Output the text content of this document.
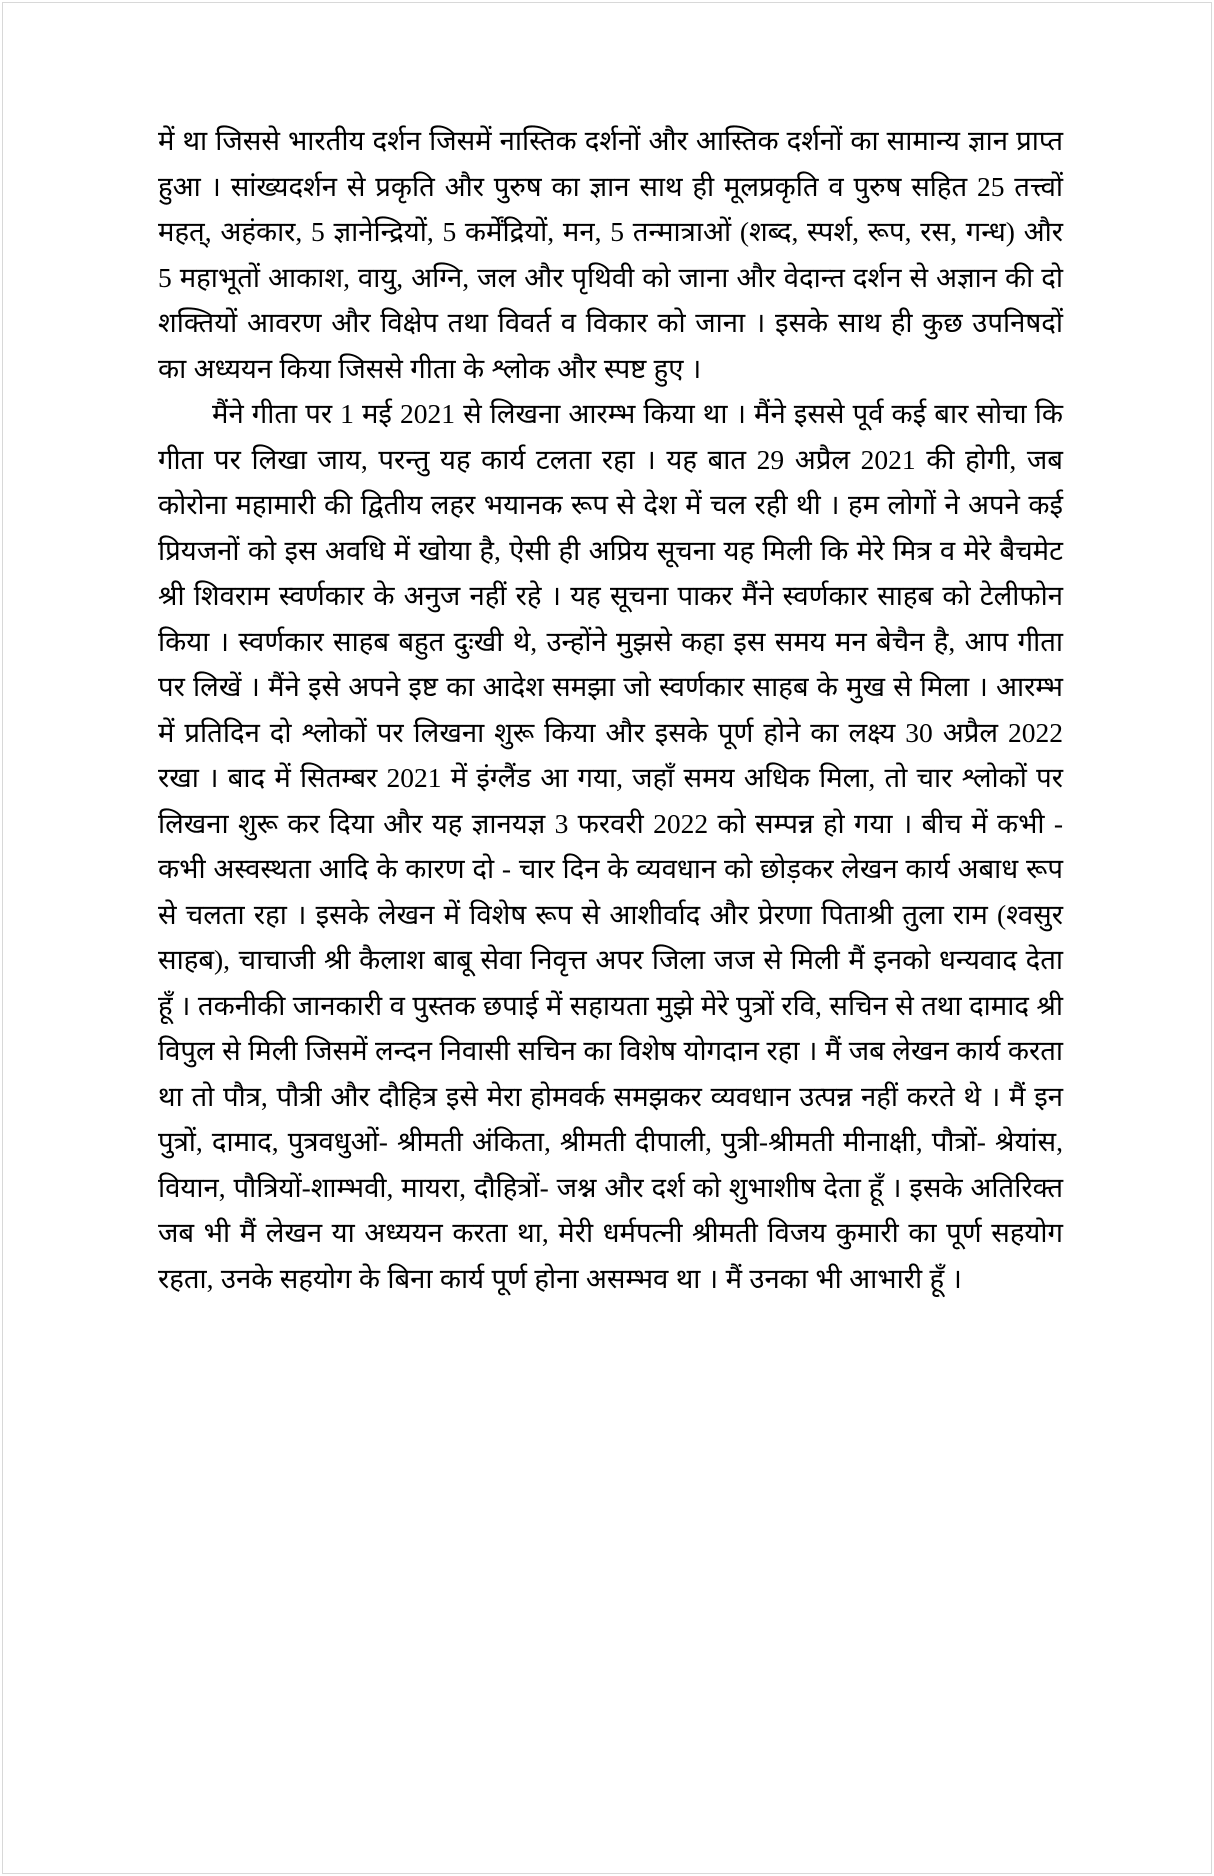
में था जिससे भारतीय दर्शन जिसमें नास्तिक दर्शनों और आस्तिक दर्शनों का सामान्य ज्ञान प्राप्त हुआ । सांख्यदर्शन से प्रकृति और पुरुष का ज्ञान साथ ही मूलप्रकृति व पुरुष सहित 25 तत्त्वों महत्, अहंकार, 5 ज्ञानेन्द्रियों, 5 कर्मेंद्रियों, मन, 5 तन्मात्राओं (शब्द, स्पर्श, रूप, रस, गन्ध) और 5 महाभूतों आकाश, वायु, अग्नि, जल और पृथिवी को जाना और वेदान्त दर्शन से अज्ञान की दो शक्तियों आवरण और विक्षेप तथा विवर्त व विकार को जाना । इसके साथ ही कुछ उपनिषदों का अध्ययन किया जिससे गीता के श्लोक और स्पष्ट हुए ।

मैंने गीता पर 1 मई 2021 से लिखना आरम्भ किया था । मैंने इससे पूर्व कई बार सोचा कि गीता पर लिखा जाय, परन्तु यह कार्य टलता रहा । यह बात 29 अप्रैल 2021 की होगी, जब कोरोना महामारी की द्वितीय लहर भयानक रूप से देश में चल रही थी । हम लोगों ने अपने कई प्रियजनों को इस अवधि में खोया है, ऐसी ही अप्रिय सूचना यह मिली कि मेरे मित्र व मेरे बैचमेट श्री शिवराम स्वर्णकार के अनुज नहीं रहे । यह सूचना पाकर मैंने स्वर्णकार साहब को टेलीफोन किया । स्वर्णकार साहब बहुत दुःखी थे, उन्होंने मुझसे कहा इस समय मन बेचैन है, आप गीता पर लिखें । मैंने इसे अपने इष्ट का आदेश समझा जो स्वर्णकार साहब के मुख से मिला । आरम्भ में प्रतिदिन दो श्लोकों पर लिखना शुरू किया और इसके पूर्ण होने का लक्ष्य 30 अप्रैल 2022 रखा । बाद में सितम्बर 2021 में इंग्लैंड आ गया, जहाँ समय अधिक मिला, तो चार श्लोकों पर लिखना शुरू कर दिया और यह ज्ञानयज्ञ 3 फरवरी 2022 को सम्पन्न हो गया । बीच में कभी - कभी अस्वस्थता आदि के कारण दो - चार दिन के व्यवधान को छोड़कर लेखन कार्य अबाध रूप से चलता रहा । इसके लेखन में विशेष रूप से आशीर्वाद और प्रेरणा पिताश्री तुला राम (श्वसुर साहब), चाचाजी श्री कैलाश बाबू सेवा निवृत्त अपर जिला जज से मिली मैं इनको धन्यवाद देता हूँ । तकनीकी जानकारी व पुस्तक छपाई में सहायता मुझे मेरे पुत्रों रवि, सचिन से तथा दामाद श्री विपुल से मिली जिसमें लन्दन निवासी सचिन का विशेष योगदान रहा । मैं जब लेखन कार्य करता था तो पौत्र, पौत्री और दौहित्र इसे मेरा होमवर्क समझकर व्यवधान उत्पन्न नहीं करते थे । मैं इन पुत्रों, दामाद, पुत्रवधुओं- श्रीमती अंकिता, श्रीमती दीपाली, पुत्री-श्रीमती मीनाक्षी, पौत्रों- श्रेयांस, वियान, पौत्रियों-शाम्भवी, मायरा, दौहित्रों- जश्न और दर्श को शुभाशीष देता हूँ । इसके अतिरिक्त जब भी मैं लेखन या अध्ययन करता था, मेरी धर्मपत्नी श्रीमती विजय कुमारी का पूर्ण सहयोग रहता, उनके सहयोग के बिना कार्य पूर्ण होना असम्भव था । मैं उनका भी आभारी हूँ ।
